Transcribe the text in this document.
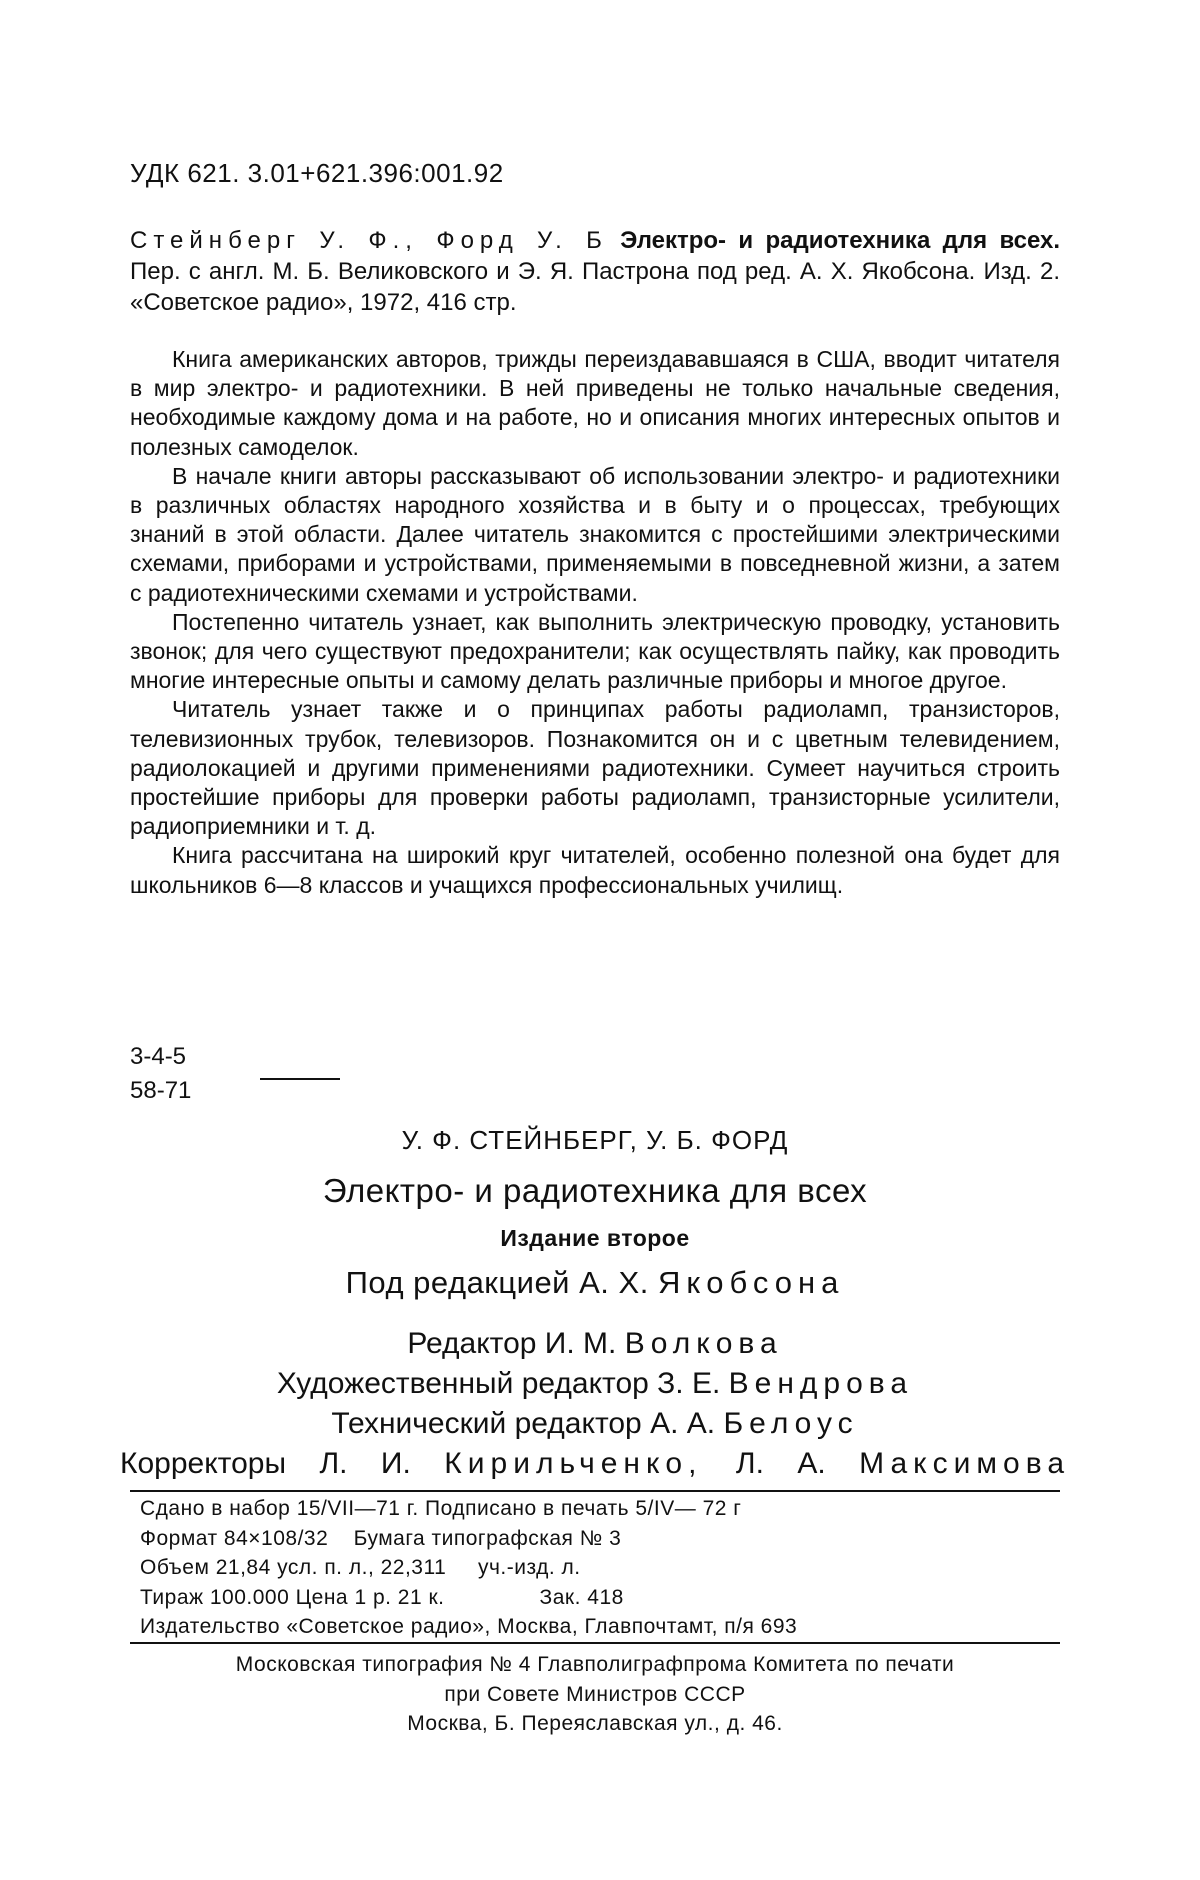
УДК 621. 3.01+621.396:001.92
Стейнберг У. Ф., Форд У. Б Электро- и радиотехника для всех. Пер. с англ. М. Б. Великовского и Э. Я. Пастрона под ред. А. Х. Якобсона. Изд. 2. «Советское радио», 1972, 416 стр.

Книга американских авторов, трижды переиздававшаяся в США, вводит читателя в мир электро- и радиотехники. В ней приведены не только начальные сведения, необходимые каждому дома и на работе, но и описания многих интересных опытов и полезных самоделок.

В начале книги авторы рассказывают об использовании электро- и радиотехники в различных областях народного хозяйства и в быту и о процессах, требующих знаний в этой области. Далее читатель знакомится с простейшими электрическими схемами, приборами и устройствами, применяемыми в повседневной жизни, а затем с радиотехническими схемами и устройствами.

Постепенно читатель узнает, как выполнить электрическую проводку, установить звонок; для чего существуют предохранители; как осуществлять пайку, как проводить многие интересные опыты и самому делать различные приборы и многое другое.

Читатель узнает также и о принципах работы радиоламп, транзисторов, телевизионных трубок, телевизоров. Познакомится он и с цветным телевидением, радиолокацией и другими применениями радиотехники. Сумеет научиться строить простейшие приборы для проверки работы радиоламп, транзисторные усилители, радиоприемники и т. д.

Книга рассчитана на широкий круг читателей, особенно полезной она будет для школьников 6—8 классов и учащихся профессиональных училищ.

3-4-5
58-71
У. Ф. СТЕЙНБЕРГ, У. Б. ФОРД
Электро- и радиотехника для всех
Издание второе
Под редакцией А. Х. Якобсона
Редактор И. М. Волкова
Художественный редактор З. Е. Вендрова
Технический редактор А. А. Белоус
Корректоры Л. И. Кирильченко, Л. А. Максимова
Сдано в набор 15/VII—71 г. Подписано в печать 5/IV— 72 г
Формат 84×108/32    Бумага типографская № 3
Объем 21,84 усл. п. л., 22,311     уч.-изд. л.
Тираж 100.000 Цена 1 р. 21 к.               Зак. 418
Издательство «Советское радио», Москва, Главпочтамт, п/я 693
Московская типография № 4 Главполиграфпрома Комитета по печати
при Совете Министров СССР
Москва, Б. Переяславская ул., д. 46.
